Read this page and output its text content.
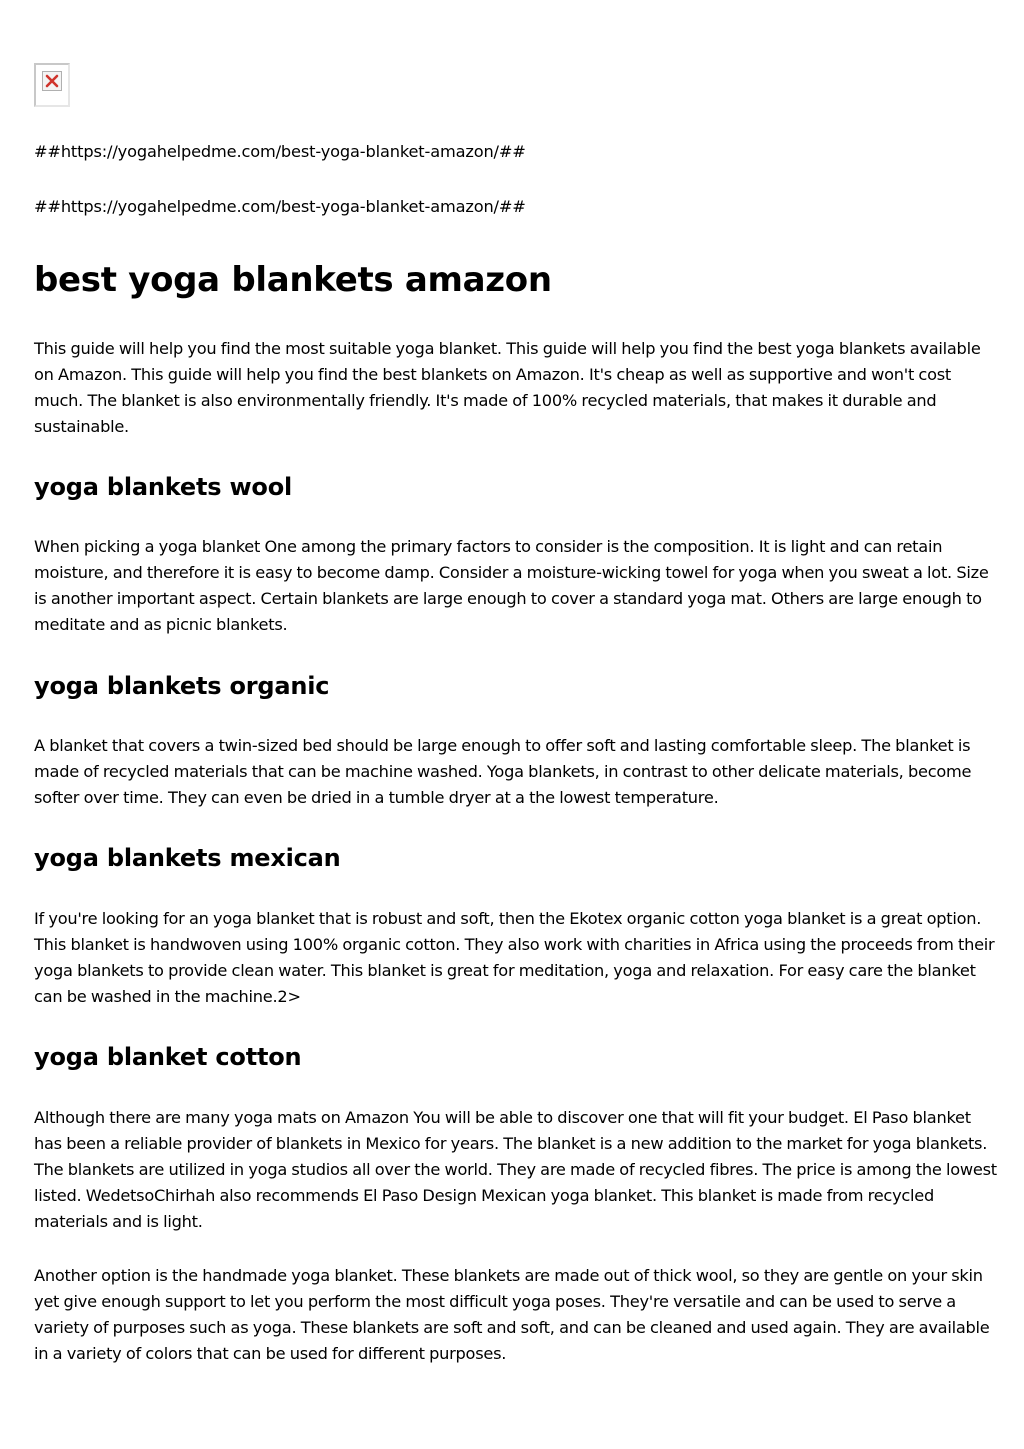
##https://yogahelpedme.com/best-yoga-blanket-amazon/##
##https://yogahelpedme.com/best-yoga-blanket-amazon/##
best yoga blankets amazon

This guide will help you find the most suitable yoga blanket. This guide will help you find the best yoga blankets available on Amazon. This guide will help you find the best blankets on Amazon. It's cheap as well as supportive and won't cost much. The blanket is also environmentally friendly. It's made of 100% recycled materials, that makes it durable and sustainable.

yoga blankets wool

When picking a yoga blanket One among the primary factors to consider is the composition. It is light and can retain moisture, and therefore it is easy to become damp. Consider a moisture-wicking towel for yoga when you sweat a lot. Size is another important aspect. Certain blankets are large enough to cover a standard yoga mat. Others are large enough to meditate and as picnic blankets.

yoga blankets organic

A blanket that covers a twin-sized bed should be large enough to offer soft and lasting comfortable sleep. The blanket is made of recycled materials that can be machine washed. Yoga blankets, in contrast to other delicate materials, become softer over time. They can even be dried in a tumble dryer at a the lowest temperature.

yoga blankets mexican

If you're looking for an yoga blanket that is robust and soft, then the Ekotex organic cotton yoga blanket is a great option. This blanket is handwoven using 100% organic cotton. They also work with charities in Africa using the proceeds from their yoga blankets to provide clean water. This blanket is great for meditation, yoga and relaxation. For easy care the blanket can be washed in the machine.2>

yoga blanket cotton

Although there are many yoga mats on Amazon You will be able to discover one that will fit your budget. El Paso blanket has been a reliable provider of blankets in Mexico for years. The blanket is a new addition to the market for yoga blankets. The blankets are utilized in yoga studios all over the world. They are made of recycled fibres. The price is among the lowest listed. WedetsoChirhah also recommends El Paso Design Mexican yoga blanket. This blanket is made from recycled materials and is light.

Another option is the handmade yoga blanket. These blankets are made out of thick wool, so they are gentle on your skin yet give enough support to let you perform the most difficult yoga poses. They're versatile and can be used to serve a variety of purposes such as yoga. These blankets are soft and soft, and can be cleaned and used again. They are available in a variety of colors that can be used for different purposes.
